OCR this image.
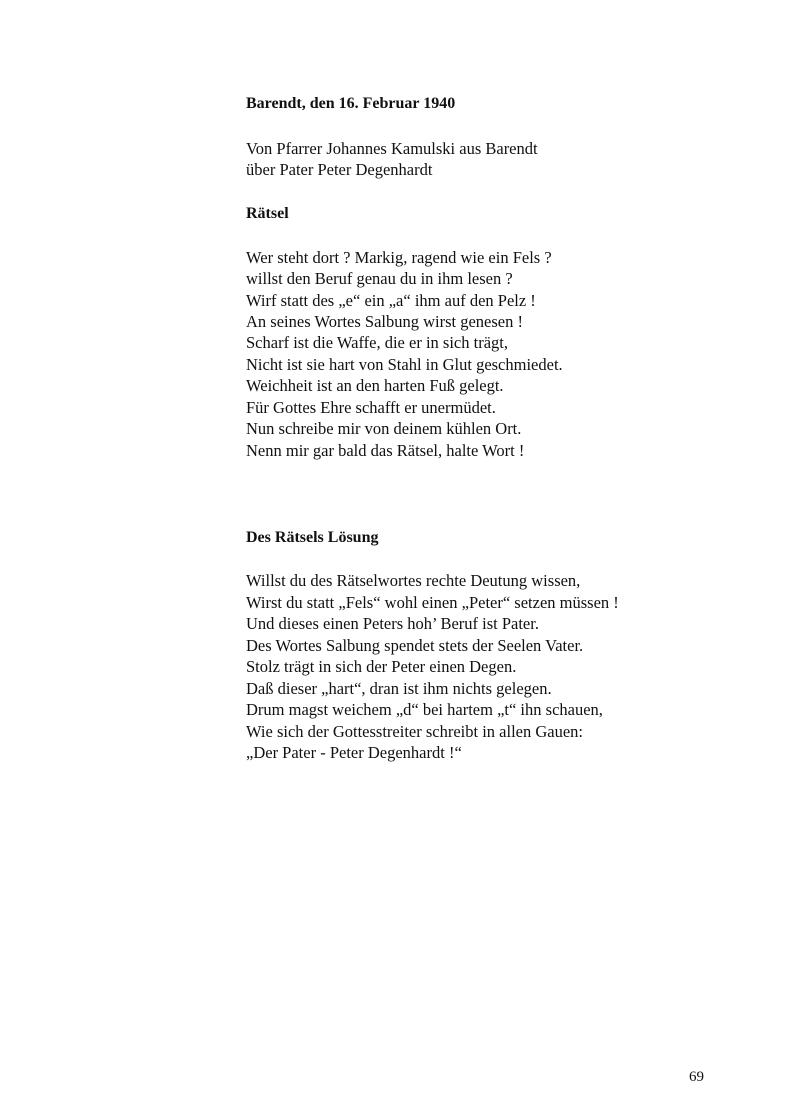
Barendt, den 16. Februar 1940

Von Pfarrer Johannes Kamulski aus Barendt

über Pater Peter Degenhardt

Rätsel

Wer steht dort ? Markig, ragend wie ein Fels ?

willst den Beruf genau du in ihm lesen ?

Wirf statt des „e“ ein „a“ ihm auf den Pelz !

An seines Wortes Salbung wirst genesen !

Scharf ist die Waffe, die er in sich trägt,

Nicht ist sie hart von Stahl in Glut geschmiedet.

Weichheit ist an den harten Fuß gelegt.

Für Gottes Ehre schafft er unermüdet.

Nun schreibe mir von deinem kühlen Ort.

Nenn mir gar bald das Rätsel, halte Wort !

Des Rätsels Lösung

Willst du des Rätselwortes rechte Deutung wissen,

Wirst du statt „Fels“ wohl einen „Peter“ setzen müssen !

Und dieses einen Peters hoh’ Beruf ist Pater.

Des Wortes Salbung spendet stets der Seelen Vater.

Stolz trägt in sich der Peter einen Degen.

Daß dieser „hart“, dran ist ihm nichts gelegen.

Drum magst weichem „d“ bei hartem „t“ ihn schauen,

Wie sich der Gottesstreiter schreibt in allen Gauen:

„Der Pater - Peter Degenhardt !“

69
